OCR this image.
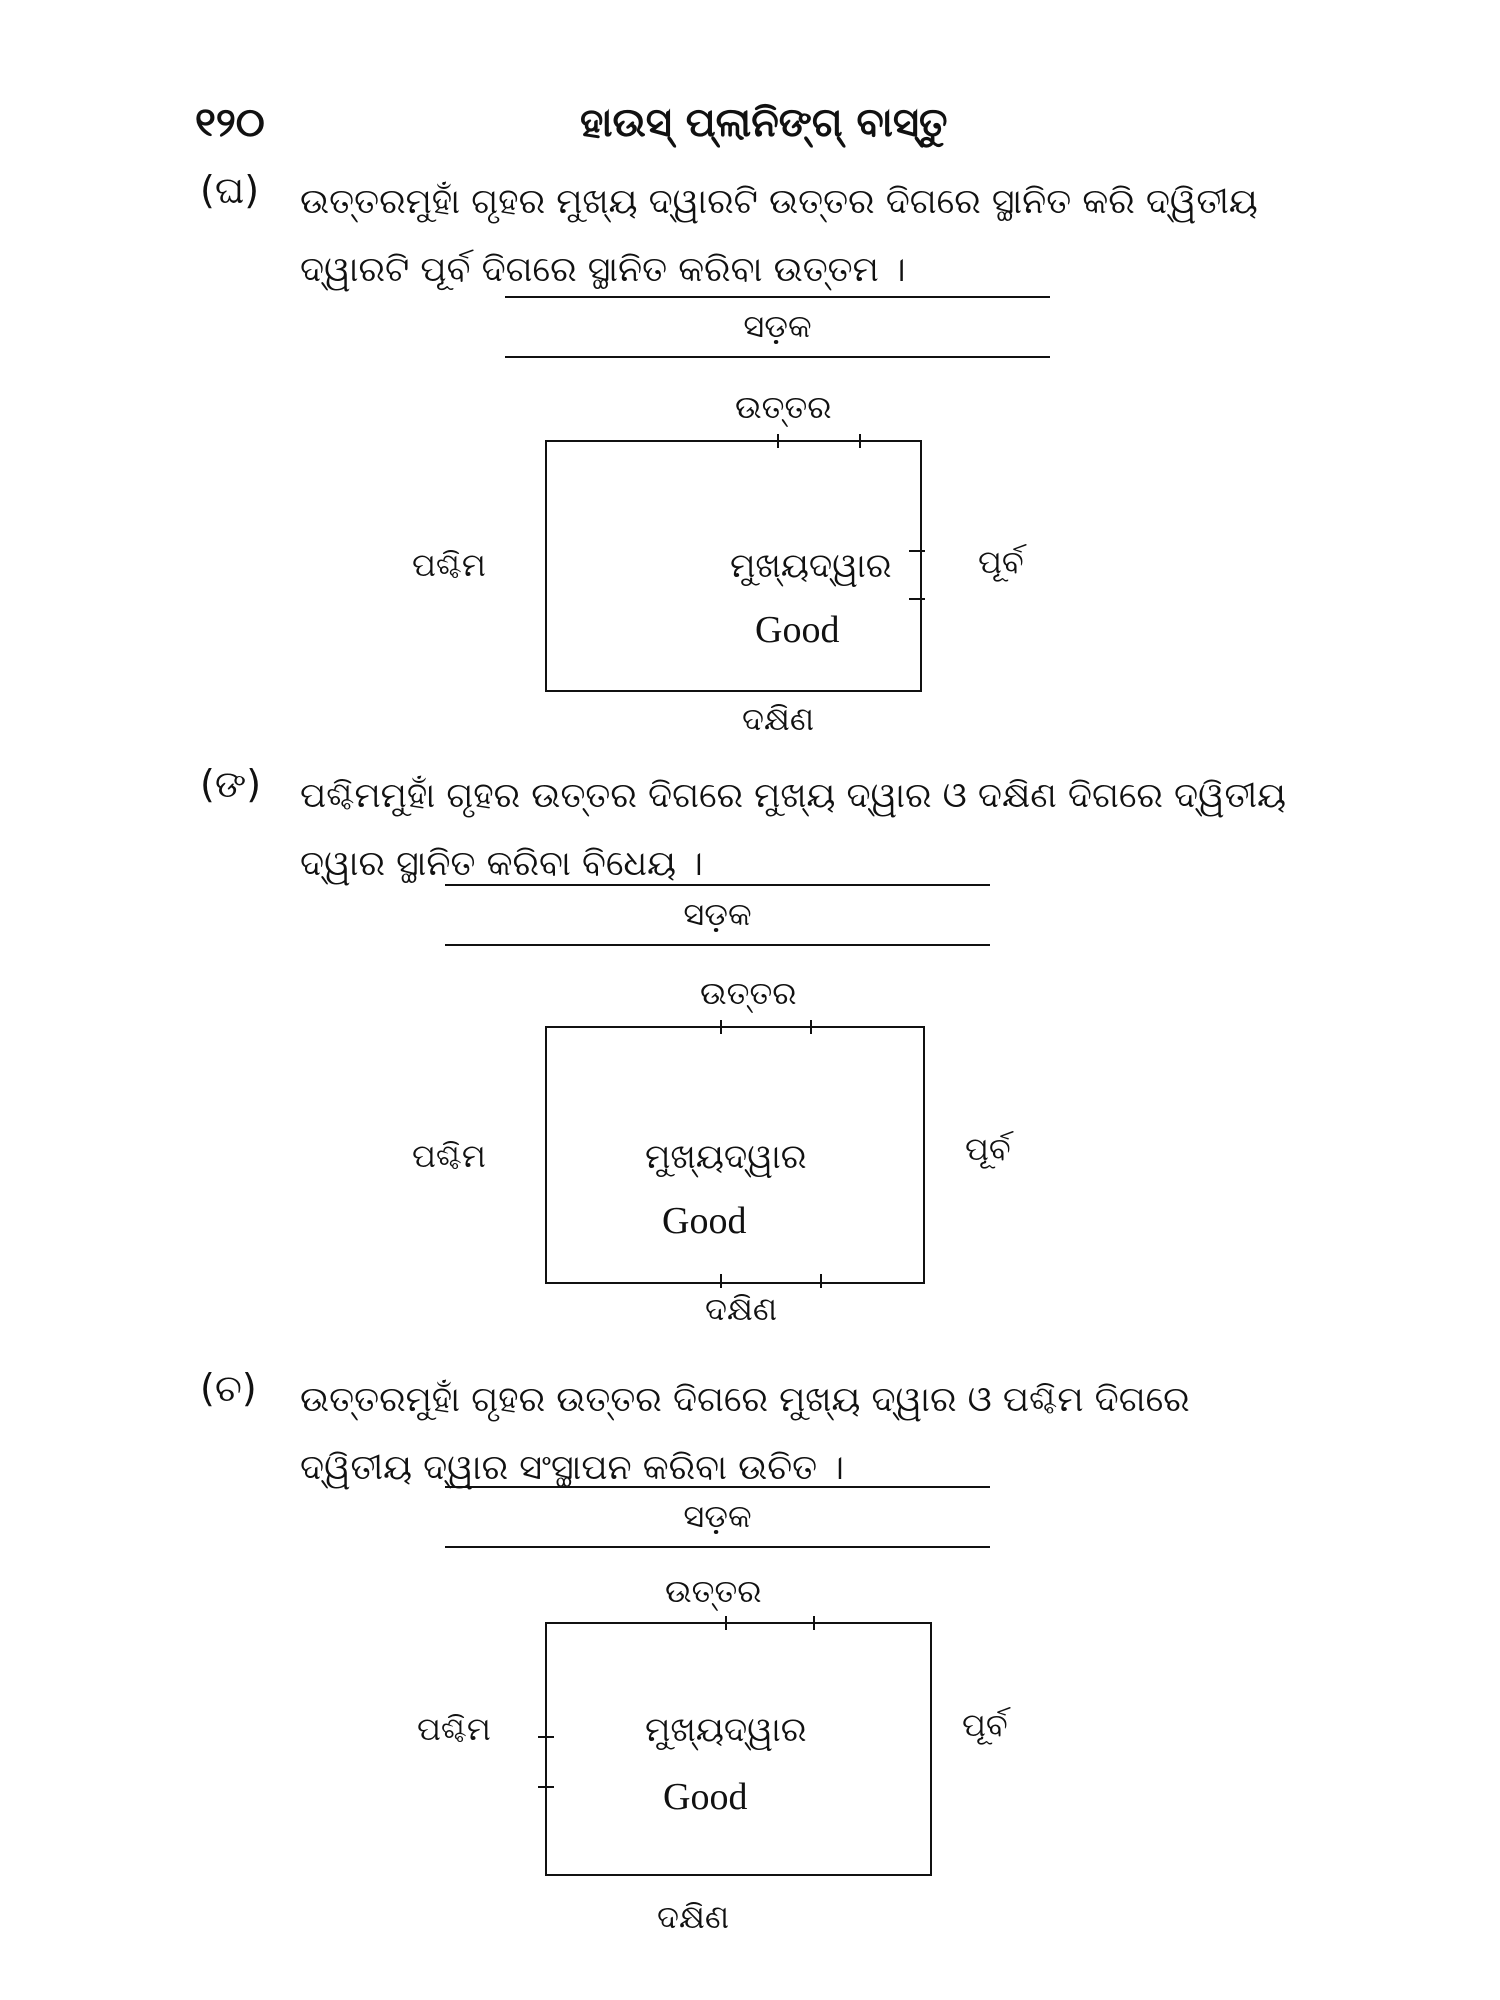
୧୨୦	ହାଉସ୍ ପ୍ଲାନିଙ୍ଗ୍ ବାସ୍ତୁ
(ଘ) ଉତ୍ତରମୁହାଁ ଗୃହର ମୁଖ୍ୟ ଦ୍ୱାରଟି ଉତ୍ତର ଦିଗରେ ସ୍ଥାନିତ କରି ଦ୍ୱିତୀୟ ଦ୍ୱାରଟି ପୂର୍ବ ଦିଗରେ ସ୍ଥାନିତ କରିବା ଉତ୍ତମ ।
ସଡ଼କ
ଉତ୍ତର
ପଶ୍ଚିମ	ପୂର୍ବ
ମୁଖ୍ୟଦ୍ୱାର
Good
ଦକ୍ଷିଣ
(ଙ) ପଶ୍ଚିମମୁହାଁ ଗୃହର ଉତ୍ତର ଦିଗରେ ମୁଖ୍ୟ ଦ୍ୱାର ଓ ଦକ୍ଷିଣ ଦିଗରେ ଦ୍ୱିତୀୟ ଦ୍ୱାର ସ୍ଥାନିତ କରିବା ବିଧେୟ ।
ସଡ଼କ
ଉତ୍ତର
ପଶ୍ଚିମ	ପୂର୍ବ
ମୁଖ୍ୟଦ୍ୱାର
Good
ଦକ୍ଷିଣ
(ଚ) ଉତ୍ତରମୁହାଁ ଗୃହର ଉତ୍ତର ଦିଗରେ ମୁଖ୍ୟ ଦ୍ୱାର ଓ ପଶ୍ଚିମ ଦିଗରେ ଦ୍ୱିତୀୟ ଦ୍ୱାର ସଂସ୍ଥାପନ କରିବା ଉଚିତ ।
ସଡ଼କ
ଉତ୍ତର
ପଶ୍ଚିମ	ପୂର୍ବ
ମୁଖ୍ୟଦ୍ୱାର
Good
ଦକ୍ଷିଣ
